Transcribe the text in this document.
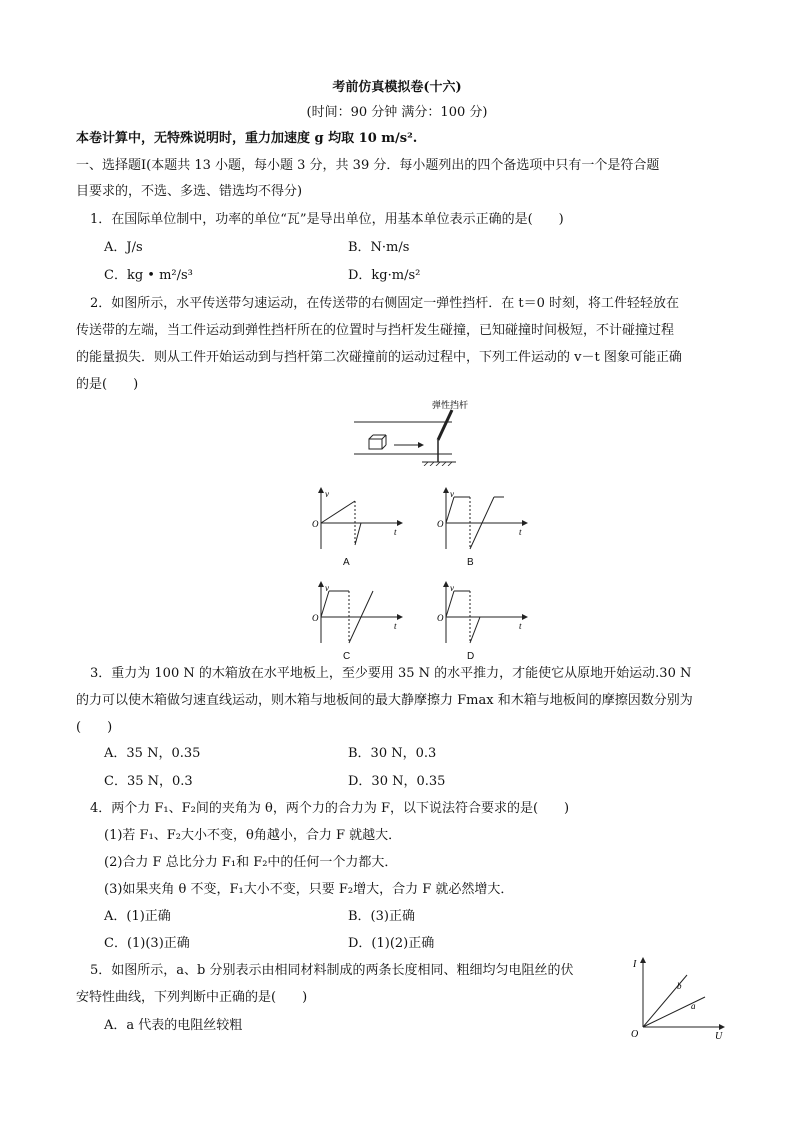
考前仿真模拟卷(十六)
(时间：90 分钟 满分：100 分)
本卷计算中，无特殊说明时，重力加速度 g 均取 10 m/s².
一、选择题Ⅰ(本题共 13 小题，每小题 3 分，共 39 分．每小题列出的四个备选项中只有一个是符合题
目要求的，不选、多选、错选均不得分)
1．在国际单位制中，功率的单位“瓦”是导出单位，用基本单位表示正确的是(　　)
A．J/s	B．N·m/s
C．kg • m²/s³	D．kg·m/s²
2．如图所示，水平传送带匀速运动，在传送带的右侧固定一弹性挡杆．在 t＝0 时刻，将工件轻轻放在
传送带的左端，当工件运动到弹性挡杆所在的位置时与挡杆发生碰撞，已知碰撞时间极短，不计碰撞过程
的能量损失．则从工件开始运动到与挡杆第二次碰撞前的运动过程中，下列工件运动的 v－t 图象可能正确
的是(　　)
弹性挡杆
v
O
t
A
v
O
t
B
v
O
t
C
v
O
t
D
3．重力为 100 N 的木箱放在水平地板上，至少要用 35 N 的水平推力，才能使它从原地开始运动.30 N
的力可以使木箱做匀速直线运动，则木箱与地板间的最大静摩擦力 Fmax 和木箱与地板间的摩擦因数分别为
(　　)
A．35 N，0.35	B．30 N，0.3
C．35 N，0.3	D．30 N，0.35
4．两个力 F₁、F₂间的夹角为 θ，两个力的合力为 F，以下说法符合要求的是(　　)
(1)若 F₁、F₂大小不变，θ角越小，合力 F 就越大．
(2)合力 F 总比分力 F₁和 F₂中的任何一个力都大．
(3)如果夹角 θ 不变，F₁大小不变，只要 F₂增大，合力 F 就必然增大．
A．(1)正确	B．(3)正确
C．(1)(3)正确	D．(1)(2)正确
5．如图所示，a、b 分别表示由相同材料制成的两条长度相同、粗细均匀电阻丝的伏
安特性曲线，下列判断中正确的是(　　)
A．a 代表的电阻丝较粗
I
U
O
b
a
